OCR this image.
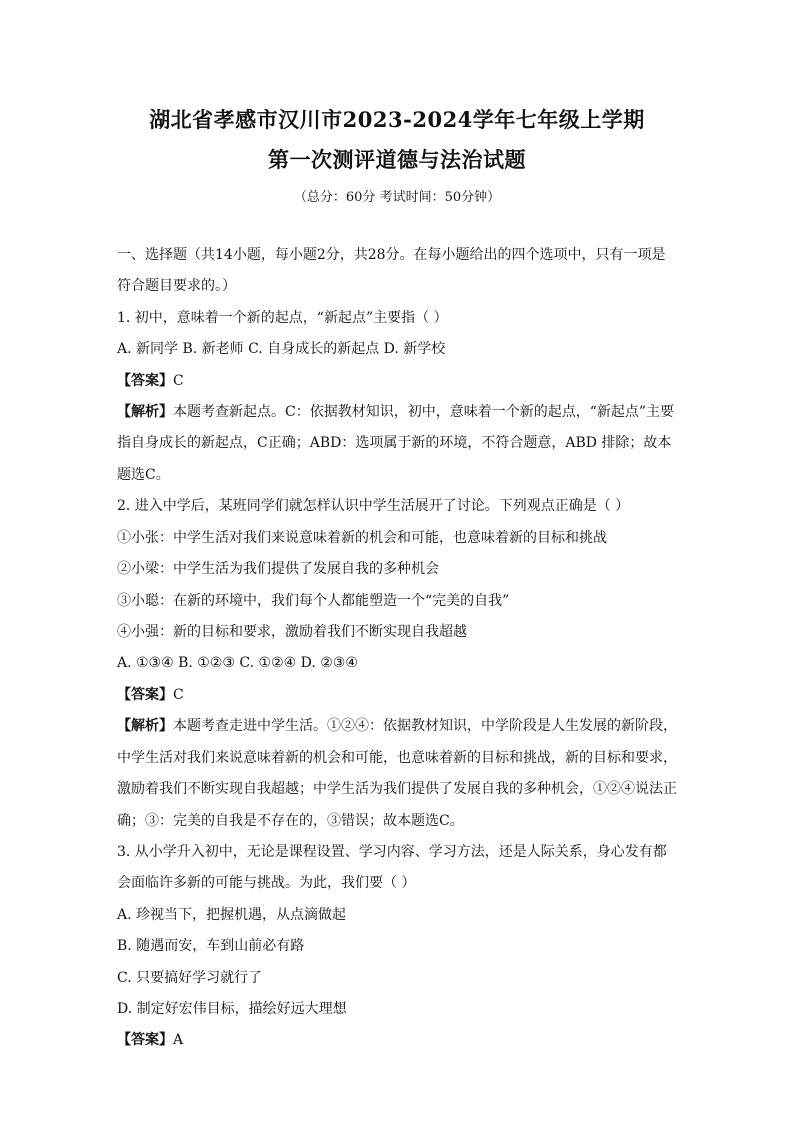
湖北省孝感市汉川市2023-2024学年七年级上学期
第一次测评道德与法治试题
（总分：60分 考试时间：50分钟）
一、选择题（共14小题，每小题2分，共28分。在每小题给出的四个选项中，只有一项是
符合题目要求的。）
1. 初中，意味着一个新的起点，“新起点”主要指（ ）
A. 新同学 B. 新老师 C. 自身成长的新起点 D. 新学校
【答案】C
【解析】本题考查新起点。C：依据教材知识，初中，意味着一个新的起点，“新起点”主要
指自身成长的新起点，C正确；ABD：选项属于新的环境，不符合题意，ABD 排除；故本
题选C。
2. 进入中学后，某班同学们就怎样认识中学生活展开了讨论。下列观点正确是（ ）
①小张：中学生活对我们来说意味着新的机会和可能，也意味着新的目标和挑战
②小梁：中学生活为我们提供了发展自我的多种机会
③小聪：在新的环境中，我们每个人都能塑造一个“完美的自我”
④小强：新的目标和要求，激励着我们不断实现自我超越
A. ①③④ B. ①②③ C. ①②④ D. ②③④
【答案】C
【解析】本题考查走进中学生活。①②④：依据教材知识，中学阶段是人生发展的新阶段，
中学生活对我们来说意味着新的机会和可能，也意味着新的目标和挑战，新的目标和要求，
激励着我们不断实现自我超越；中学生活为我们提供了发展自我的多种机会，①②④说法正
确；③：完美的自我是不存在的，③错误；故本题选C。
3. 从小学升入初中，无论是课程设置、学习内容、学习方法，还是人际关系，身心发有都
会面临许多新的可能与挑战。为此，我们要（ ）
A. 珍视当下，把握机遇，从点滴做起
B. 随遇而安，车到山前必有路
C. 只要搞好学习就行了
D. 制定好宏伟目标，描绘好远大理想
【答案】A
